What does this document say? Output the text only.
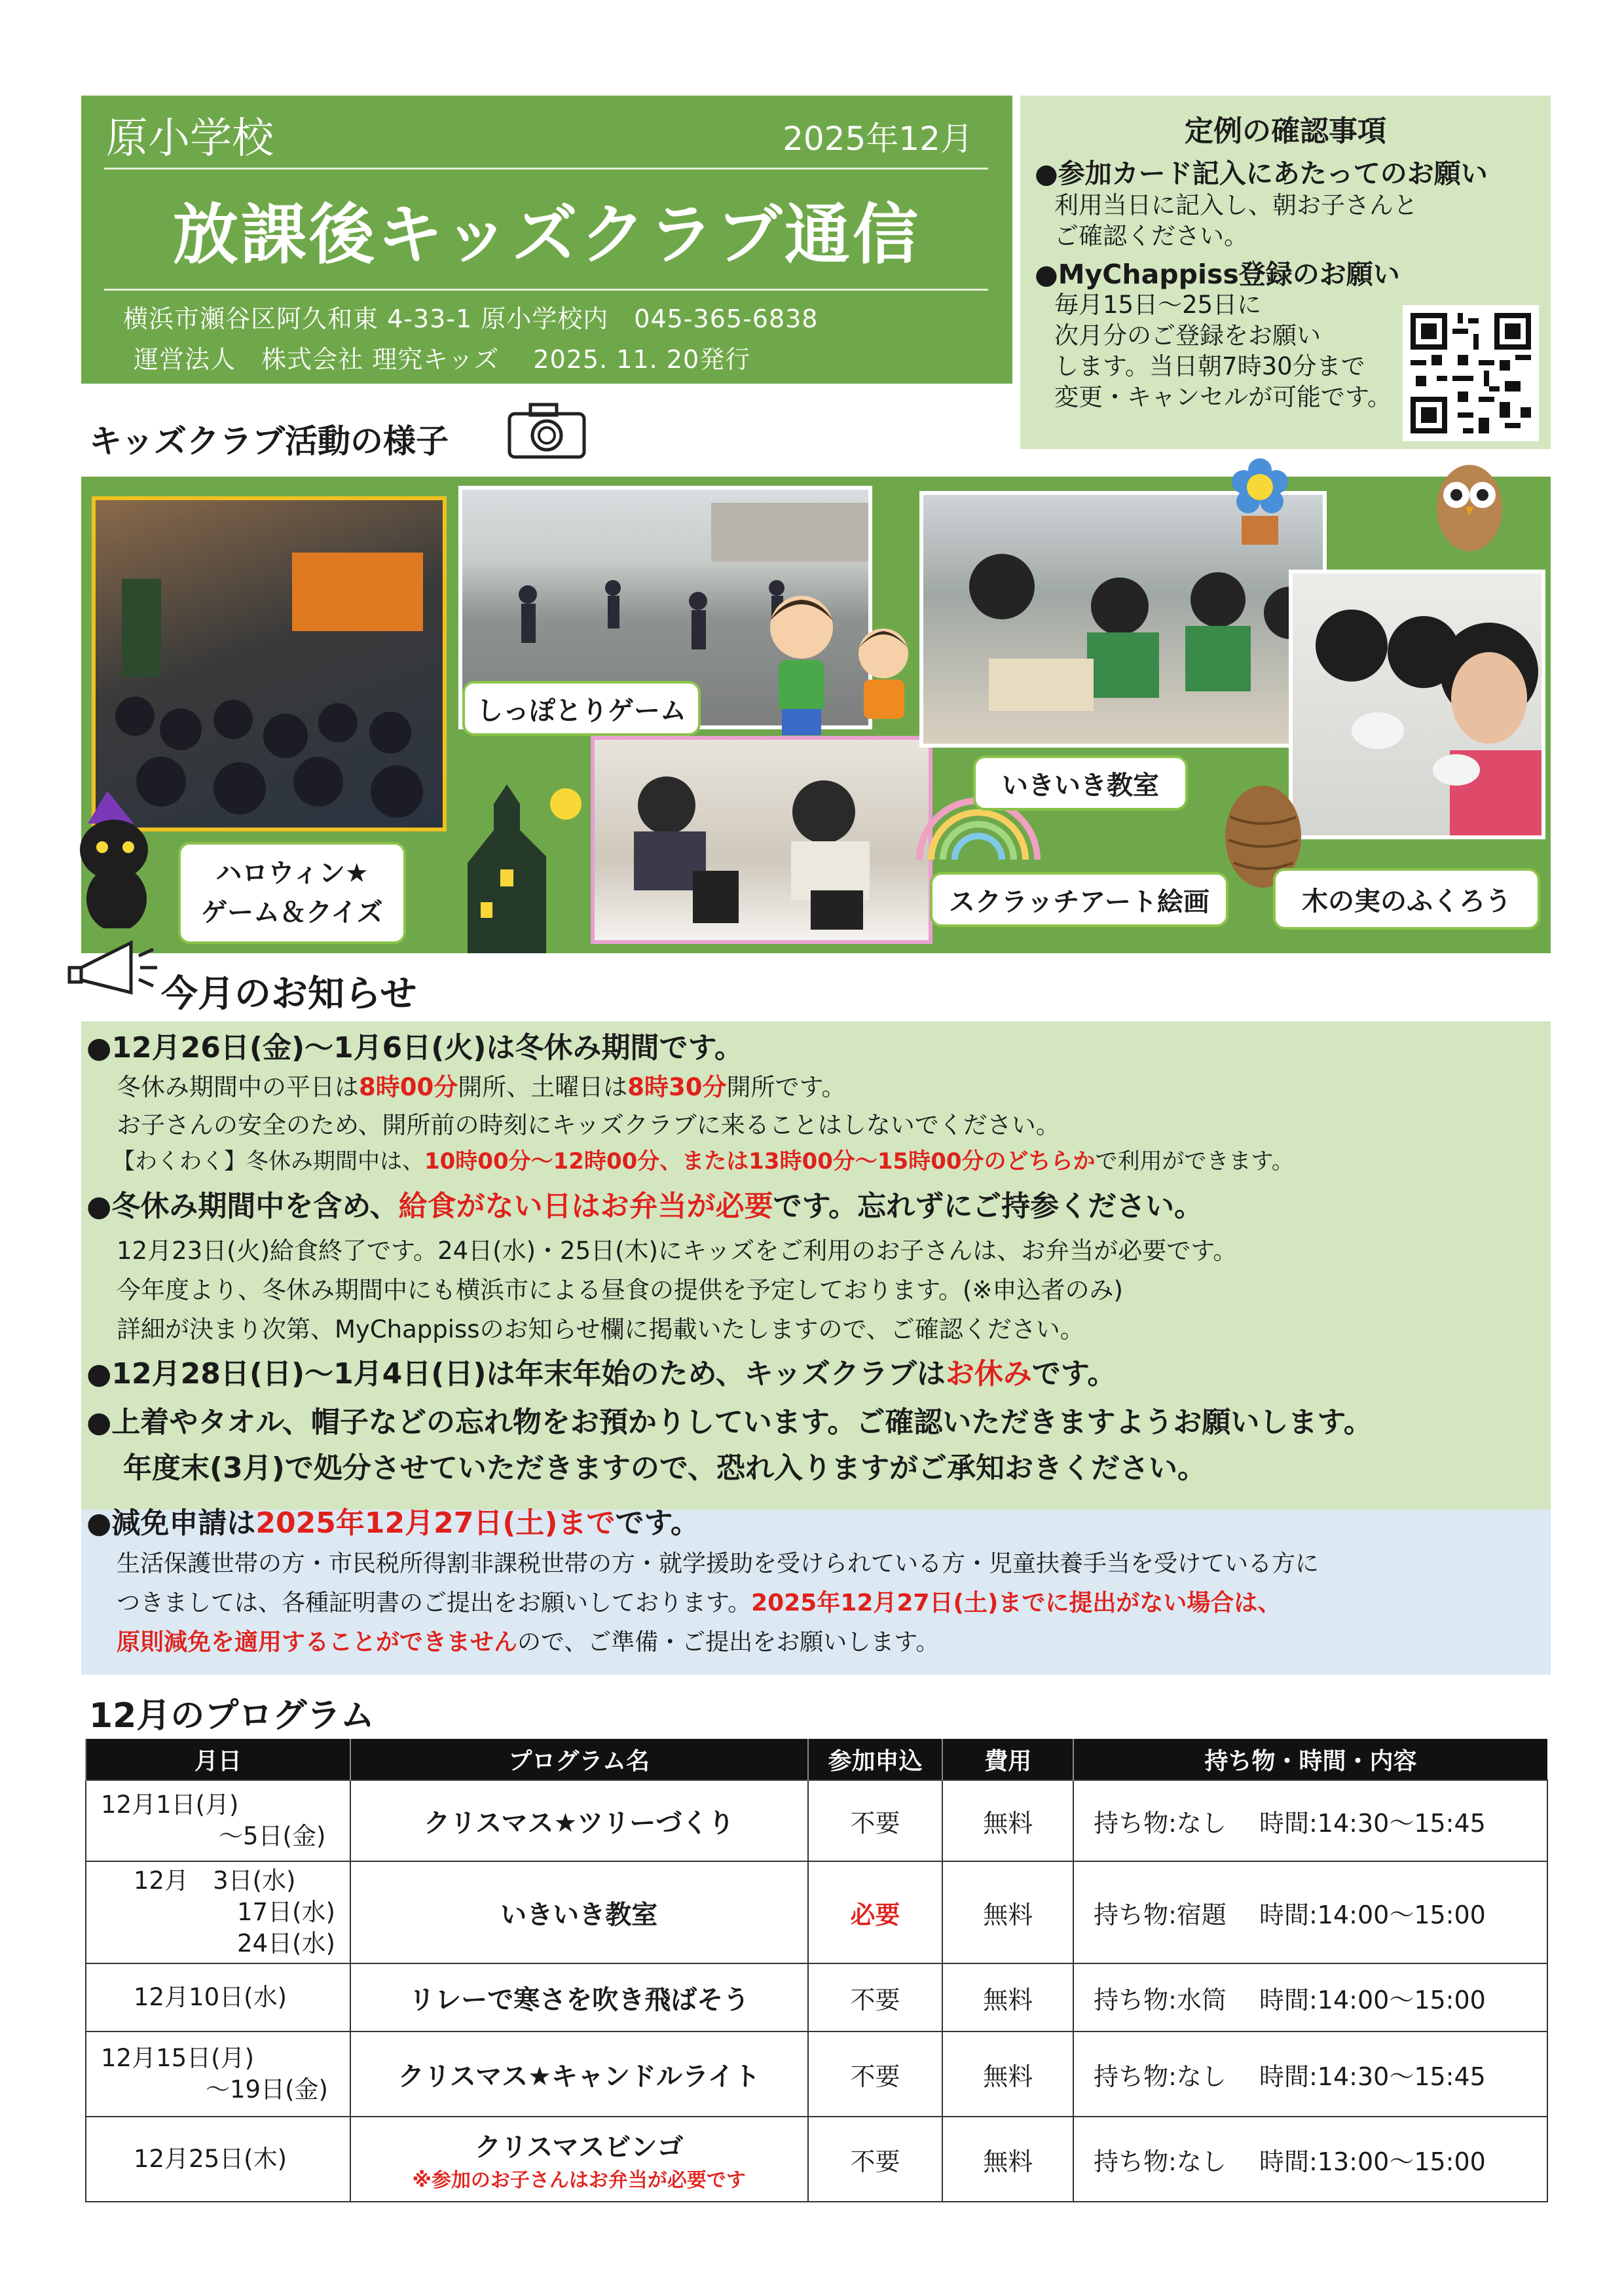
原小学校	2025年12月
放課後キッズクラブ通信
横浜市瀬谷区阿久和東 4-33-1 原小学校内　045-365-6838
運営法人　株式会社 理究キッズ　 2025. 11. 20発行
定例の確認事項
●参加カード記入にあたってのお願い
利用当日に記入し、朝お子さんと
ご確認ください。
●MyChappiss登録のお願い
毎月15日～25日に
次月分のご登録をお願い
します。当日朝7時30分まで
変更・キャンセルが可能です。
キッズクラブ活動の様子
ハロウィン★
ゲーム＆クイズ
しっぽとりゲーム
スクラッチアート絵画
いきいき教室
木の実のふくろう
今月のお知らせ
●12月26日(金)～1月6日(火)は冬休み期間です。
冬休み期間中の平日は8時00分開所、土曜日は8時30分開所です。
お子さんの安全のため、開所前の時刻にキッズクラブに来ることはしないでください。
【わくわく】冬休み期間中は、10時00分～12時00分、または13時00分～15時00分のどちらかで利用ができます。
●冬休み期間中を含め、給食がない日はお弁当が必要です。忘れずにご持参ください。
12月23日(火)給食終了です。24日(水)・25日(木)にキッズをご利用のお子さんは、お弁当が必要です。
今年度より、冬休み期間中にも横浜市による昼食の提供を予定しております。(※申込者のみ)
詳細が決まり次第、MyChappissのお知らせ欄に掲載いたしますので、ご確認ください。
●12月28日(日)～1月4日(日)は年末年始のため、キッズクラブはお休みです。
●上着やタオル、帽子などの忘れ物をお預かりしています。ご確認いただきますようお願いします。
年度末(3月)で処分させていただきますので、恐れ入りますがご承知おきください。
●減免申請は2025年12月27日(土)までです。
生活保護世帯の方・市民税所得割非課税世帯の方・就学援助を受けられている方・児童扶養手当を受けている方に
つきましては、各種証明書のご提出をお願いしております。2025年12月27日(土)までに提出がない場合は、
原則減免を適用することができませんので、ご準備・ご提出をお願いします。
12月のプログラム
月日	プログラム名	参加申込	費用	持ち物・時間・内容

12月1日(月)
～5日(金)	クリスマス★ツリーづくり	不要	無料	持ち物:なし　 時間:14:30～15:45

12月　3日(水)
17日(水)
24日(水)	いきいき教室	必要	無料	持ち物:宿題　 時間:14:00～15:00
12月10日(水)	リレーで寒さを吹き飛ばそう	不要	無料	持ち物:水筒　 時間:14:00～15:00

12月15日(月)
～19日(金)	クリスマス★キャンドルライト	不要	無料	持ち物:なし　 時間:14:30～15:45
12月25日(木)	クリスマスビンゴ
※参加のお子さんはお弁当が必要です	不要	無料	持ち物:なし　 時間:13:00～15:00
